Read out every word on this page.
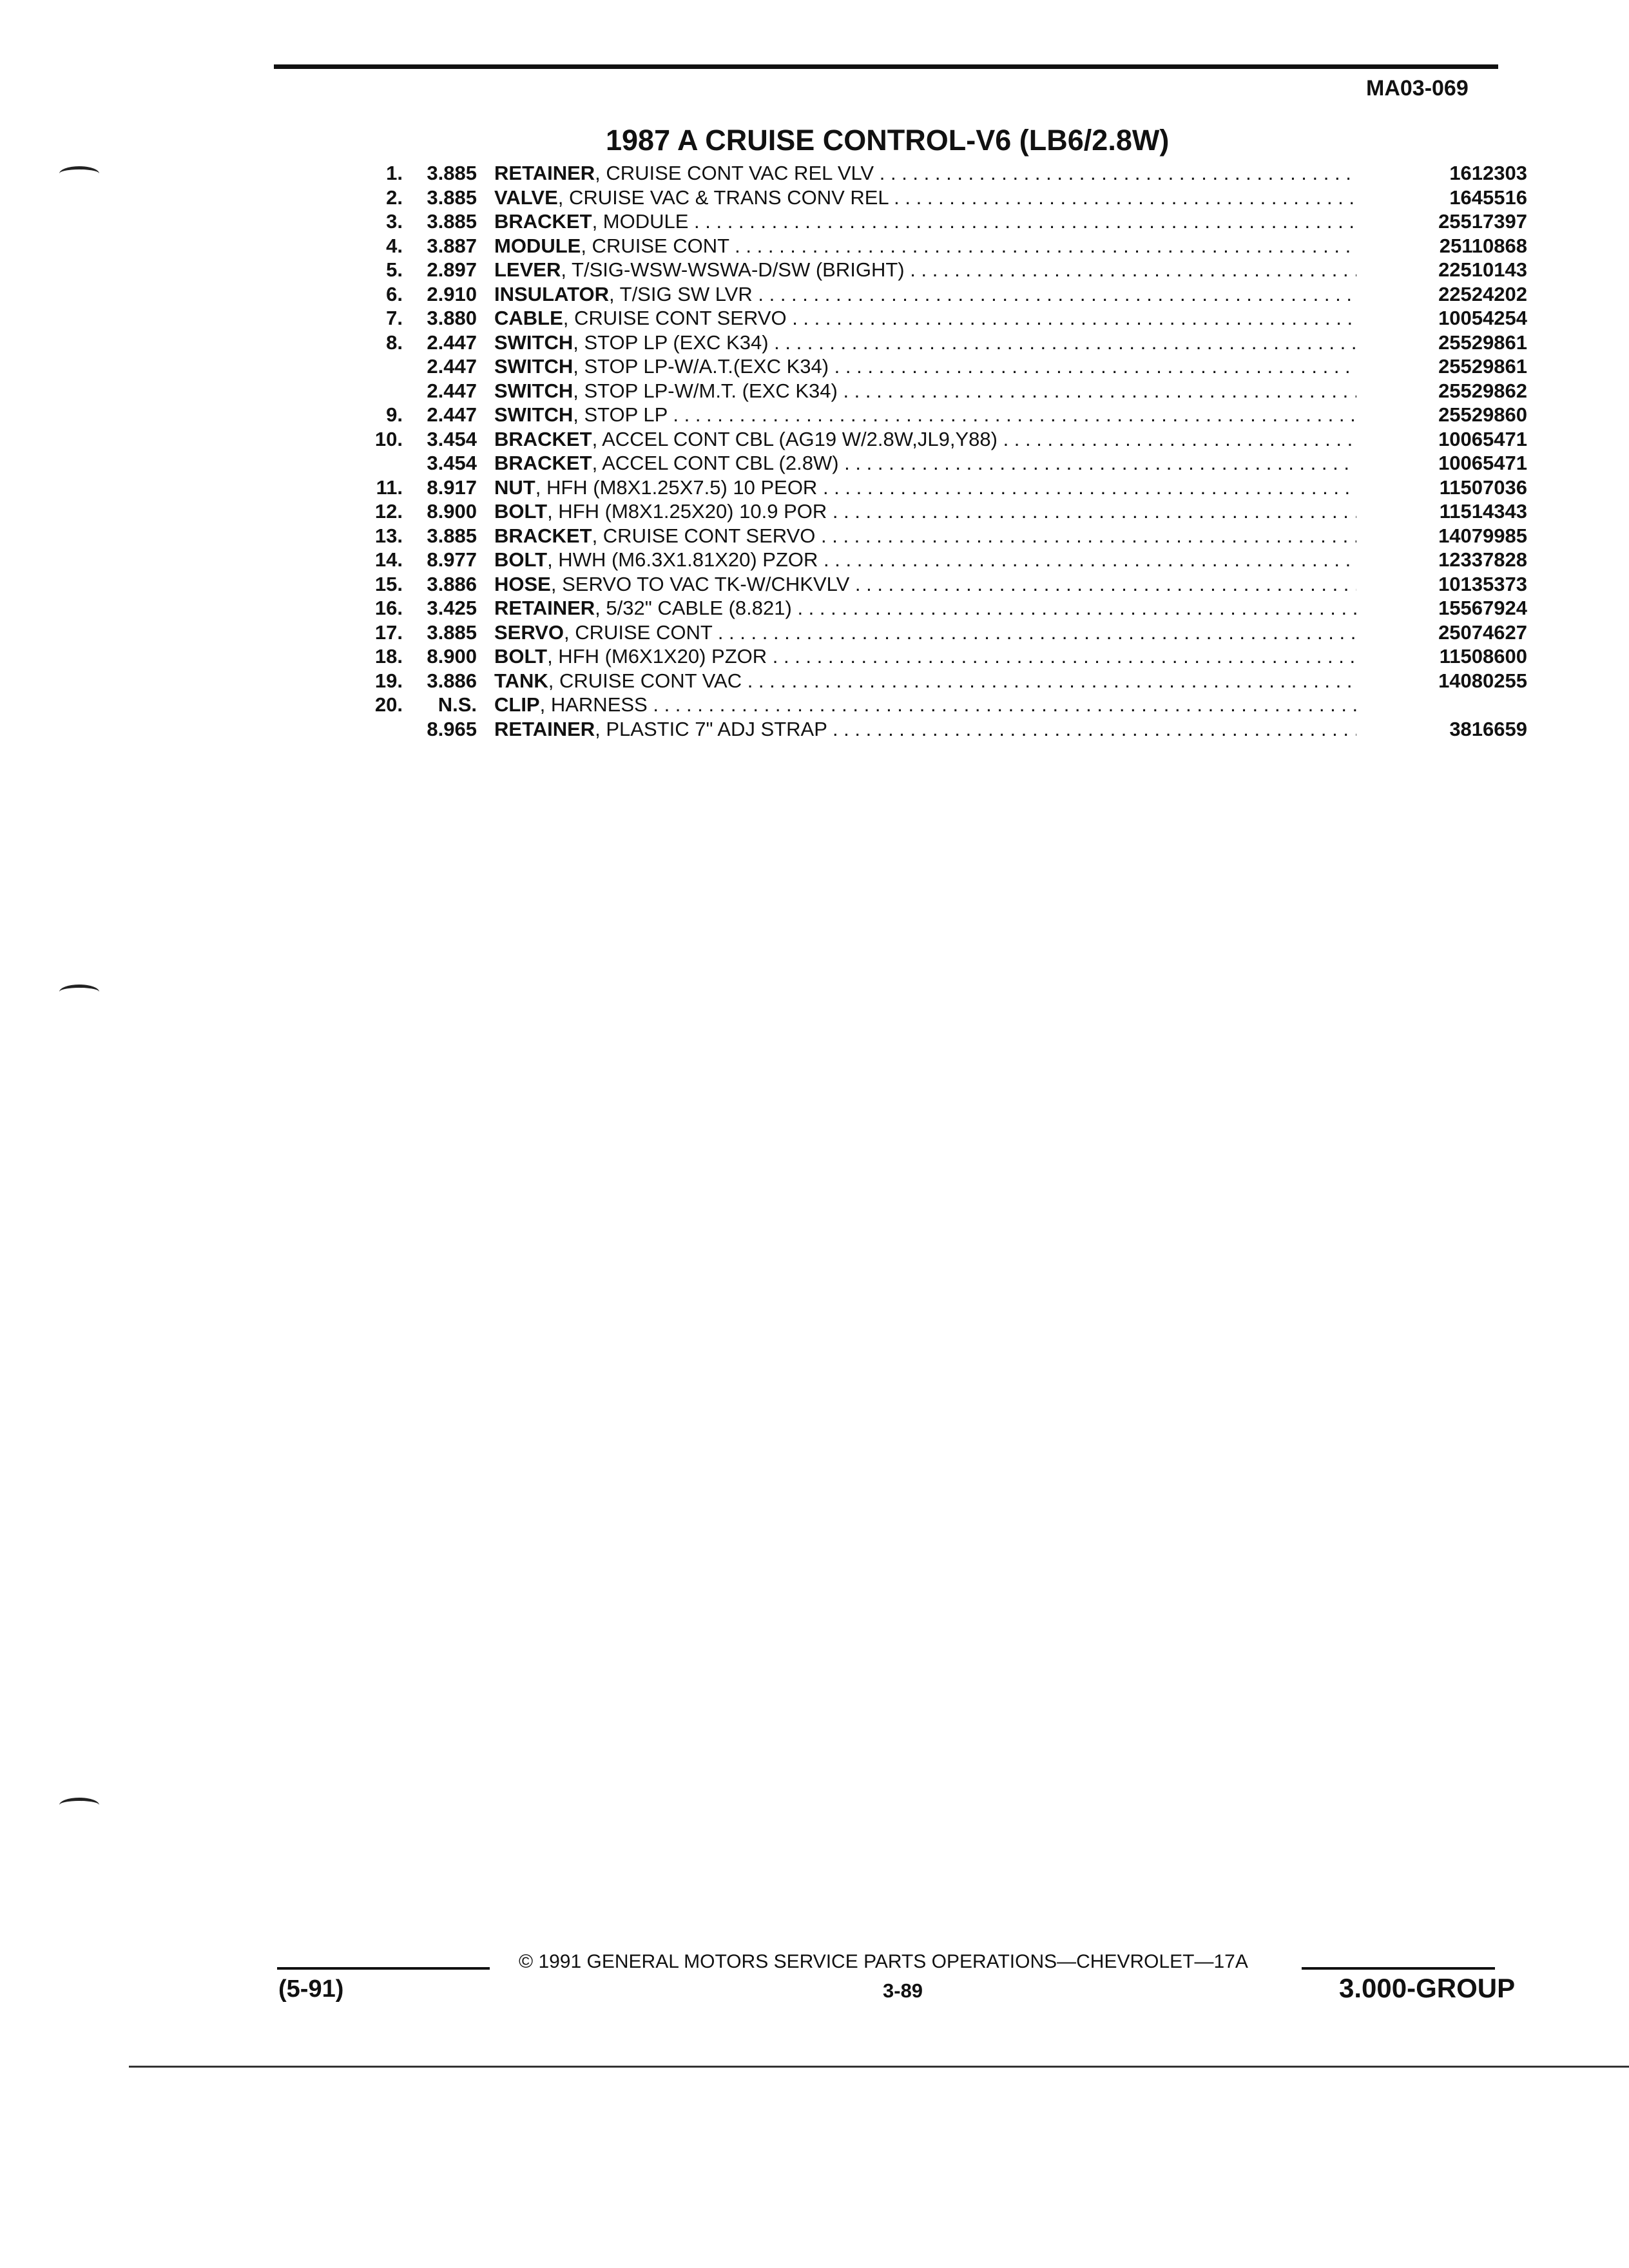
MA03-069
1987 A CRUISE CONTROL-V6 (LB6/2.8W)
1. 3.885 RETAINER, CRUISE CONT VAC REL VLV . . .	1612303
2. 3.885 VALVE, CRUISE VAC & TRANS CONV REL . . .	1645516
3. 3.885 BRACKET, MODULE . . .	25517397
4. 3.887 MODULE, CRUISE CONT . . .	25110868
5. 2.897 LEVER, T/SIG-WSW-WSWA-D/SW (BRIGHT) . . .	22510143
6. 2.910 INSULATOR, T/SIG SW LVR . . .	22524202
7. 3.880 CABLE, CRUISE CONT SERVO . . .	10054254
8. 2.447 SWITCH, STOP LP (EXC K34) . . .	25529861
2.447 SWITCH, STOP LP-W/A.T.(EXC K34) . . .	25529861
2.447 SWITCH, STOP LP-W/M.T. (EXC K34) . . .	25529862
9. 2.447 SWITCH, STOP LP . . .	25529860
10. 3.454 BRACKET, ACCEL CONT CBL (AG19 W/2.8W,JL9,Y88) . . .	10065471
3.454 BRACKET, ACCEL CONT CBL (2.8W) . . .	10065471
11. 8.917 NUT, HFH (M8X1.25X7.5) 10 PEOR . . .	11507036
12. 8.900 BOLT, HFH (M8X1.25X20) 10.9 POR . . .	11514343
13. 3.885 BRACKET, CRUISE CONT SERVO . . .	14079985
14. 8.977 BOLT, HWH (M6.3X1.81X20) PZOR . . .	12337828
15. 3.886 HOSE, SERVO TO VAC TK-W/CHKVLV . . .	10135373
16. 3.425 RETAINER, 5/32" CABLE (8.821) . . .	15567924
17. 3.885 SERVO, CRUISE CONT . . .	25074627
18. 8.900 BOLT, HFH (M6X1X20) PZOR . . .	11508600
19. 3.886 TANK, CRUISE CONT VAC . . .	14080255
20. N.S. CLIP, HARNESS . . .
8.965 RETAINER, PLASTIC 7" ADJ STRAP . . .	3816659
© 1991 GENERAL MOTORS SERVICE PARTS OPERATIONS—CHEVROLET—17A
(5-91)	3-89	3.000-GROUP
